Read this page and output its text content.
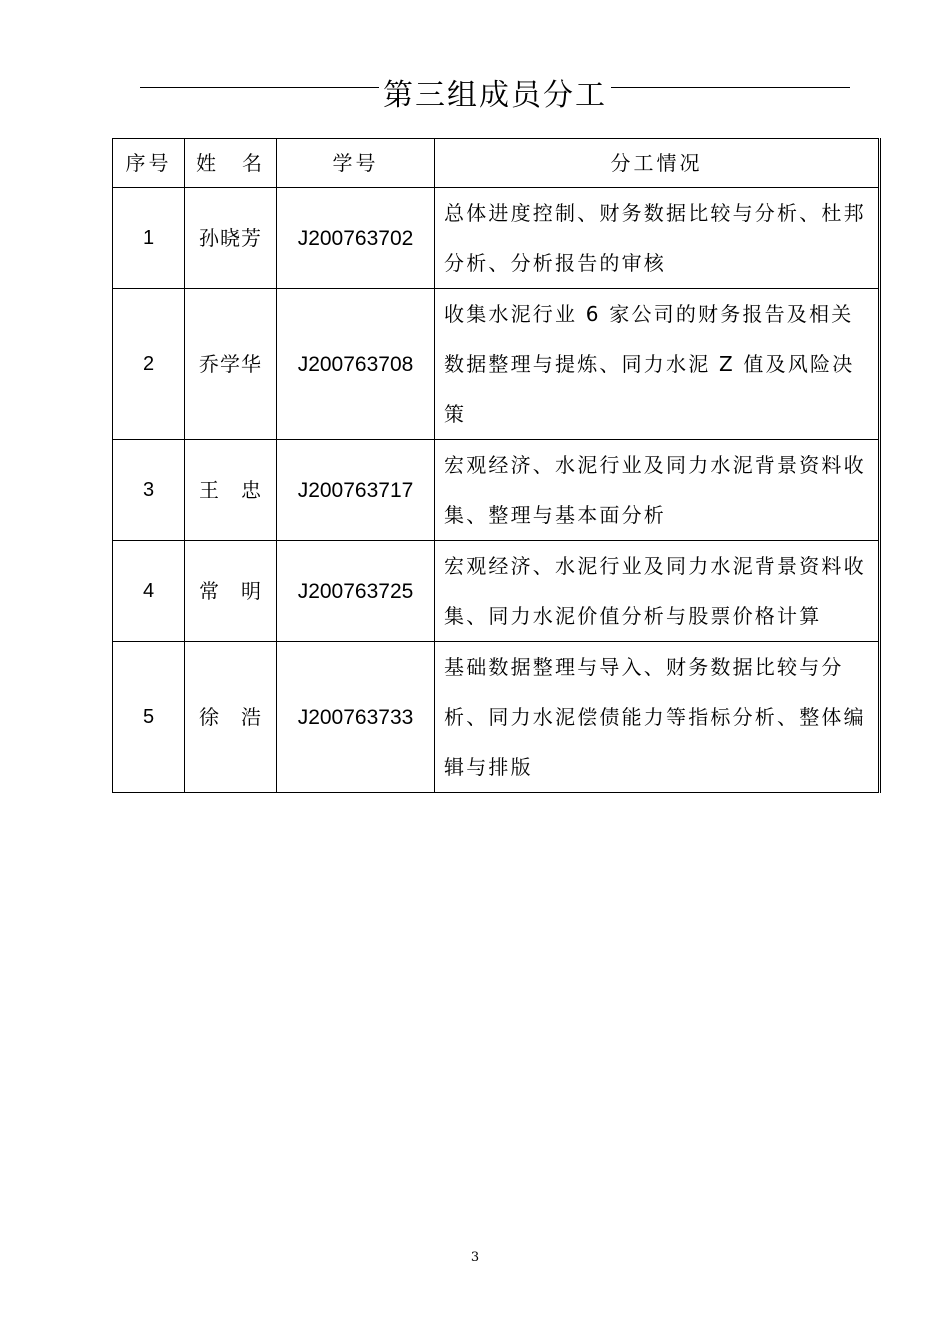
第三组成员分工
序号	姓　名	学号	分工情况
1	孙晓芳	J200763702	总体进度控制、财务数据比较与分析、杜邦分析、分析报告的审核
2	乔学华	J200763708	收集水泥行业 6 家公司的财务报告及相关数据整理与提炼、同力水泥 Z 值及风险决策
3	王　忠	J200763717	宏观经济、水泥行业及同力水泥背景资料收集、整理与基本面分析
4	常　明	J200763725	宏观经济、水泥行业及同力水泥背景资料收集、同力水泥价值分析与股票价格计算
5	徐　浩	J200763733	基础数据整理与导入、财务数据比较与分析、同力水泥偿债能力等指标分析、整体编辑与排版
3
